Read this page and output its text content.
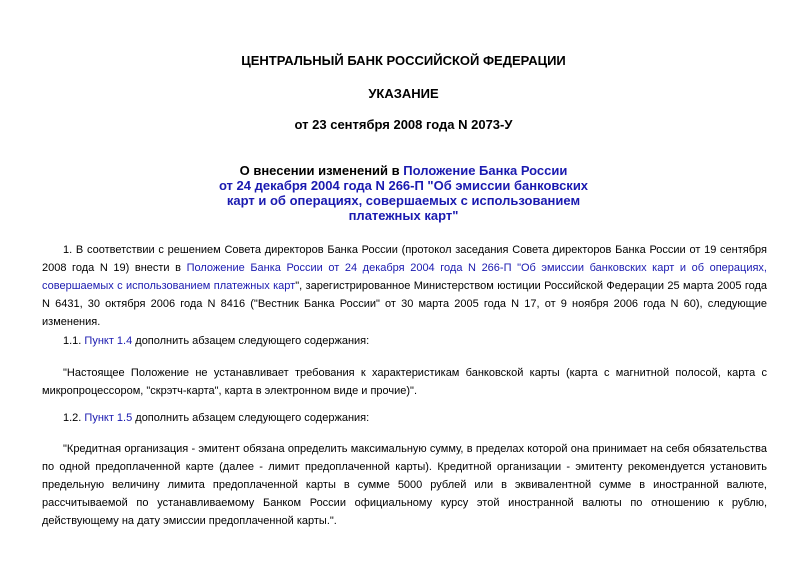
ЦЕНТРАЛЬНЫЙ БАНК РОССИЙСКОЙ ФЕДЕРАЦИИ
УКАЗАНИЕ
от 23 сентября 2008 года N 2073-У
О внесении изменений в Положение Банка России
от 24 декабря 2004 года N 266-П "Об эмиссии банковских
карт и об операциях, совершаемых с использованием
платежных карт"
1. В соответствии с решением Совета директоров Банка России (протокол заседания Совета директоров Банка России от 19 сентября 2008 года N 19) внести в Положение Банка России от 24 декабря 2004 года N 266-П "Об эмиссии банковских карт и об операциях, совершаемых с использованием платежных карт", зарегистрированное Министерством юстиции Российской Федерации 25 марта 2005 года N 6431, 30 октября 2006 года N 8416 ("Вестник Банка России" от 30 марта 2005 года N 17, от 9 ноября 2006 года N 60), следующие изменения.
1.1. Пункт 1.4 дополнить абзацем следующего содержания:
"Настоящее Положение не устанавливает требования к характеристикам банковской карты (карта с магнитной полосой, карта с микропроцессором, "скрэтч-карта", карта в электронном виде и прочие)".
1.2. Пункт 1.5 дополнить абзацем следующего содержания:
"Кредитная организация - эмитент обязана определить максимальную сумму, в пределах которой она принимает на себя обязательства по одной предоплаченной карте (далее - лимит предоплаченной карты). Кредитной организации - эмитенту рекомендуется установить предельную величину лимита предоплаченной карты в сумме 5000 рублей или в эквивалентной сумме в иностранной валюте, рассчитываемой по устанавливаемому Банком России официальному курсу этой иностранной валюты по отношению к рублю, действующему на дату эмиссии предоплаченной карты.".
